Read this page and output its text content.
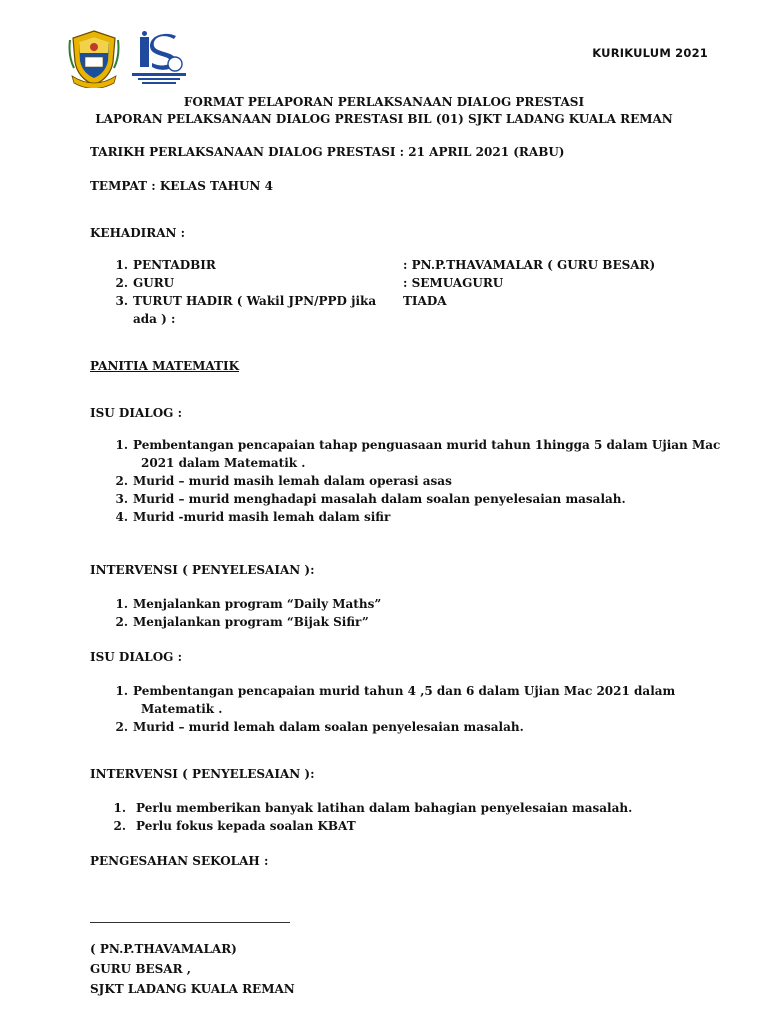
KURIKULUM 2021
FORMAT PELAPORAN PERLAKSANAAN DIALOG PRESTASI
LAPORAN PELAKSANAAN DIALOG PRESTASI BIL (01) SJKT LADANG KUALA REMAN
TARIKH PERLAKSANAAN DIALOG PRESTASI : 21 APRIL 2021 (RABU)
TEMPAT : KELAS TAHUN 4
KEHADIRAN :
1. PENTADBIR	: PN.P.THAVAMALAR ( GURU BESAR)
2. GURU	: SEMUAGURU
3. TURUT HADIR ( Wakil JPN/PPD jika ada ) :
TIADA
PANITIA MATEMATIK
ISU DIALOG :
1. Pembentangan pencapaian tahap penguasaan murid tahun 1hingga 5 dalam Ujian Mac
2021 dalam Matematik .
2. Murid – murid masih lemah dalam operasi asas
3. Murid – murid menghadapi masalah dalam soalan penyelesaian masalah.
4. Murid -murid masih lemah dalam sifir
INTERVENSI ( PENYELESAIAN ):
1. Menjalankan program “Daily Maths”
2. Menjalankan program “Bijak Sifir”
ISU DIALOG :
1. Pembentangan pencapaian murid tahun 4 ,5 dan 6 dalam Ujian Mac 2021 dalam
Matematik .
2. Murid – murid lemah dalam soalan penyelesaian masalah.
INTERVENSI ( PENYELESAIAN ):
1. Perlu memberikan banyak latihan dalam bahagian penyelesaian masalah.
2. Perlu fokus kepada soalan KBAT
PENGESAHAN SEKOLAH :
( PN.P.THAVAMALAR)
GURU BESAR ,
SJKT LADANG KUALA REMAN
